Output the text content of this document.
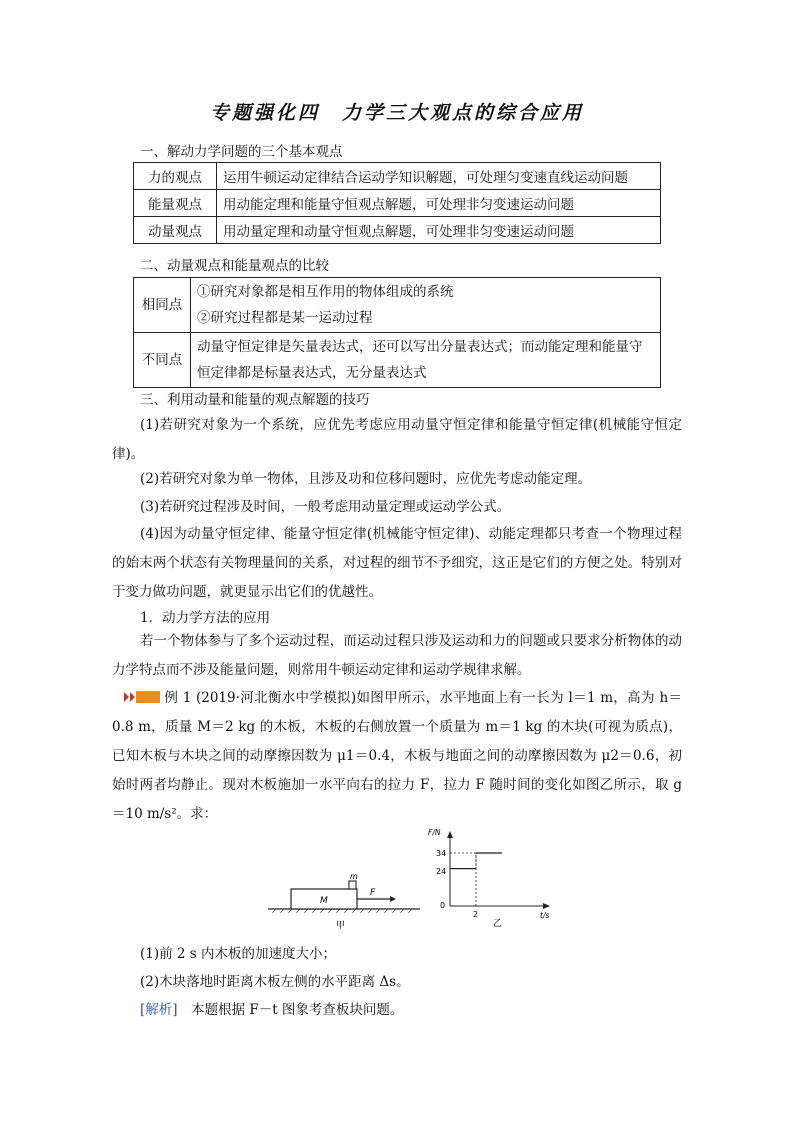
专题强化四　力学三大观点的综合应用
一、解动力学问题的三个基本观点
力的观点	运用牛顿运动定律结合运动学知识解题，可处理匀变速直线运动问题
能量观点	用动能定理和能量守恒观点解题，可处理非匀变速运动问题
动量观点	用动量定理和动量守恒观点解题，可处理非匀变速运动问题
二、动量观点和能量观点的比较
相同点	①研究对象都是相互作用的物体组成的系统
②研究过程都是某一运动过程

不同点	动量守恒定律是矢量表达式，还可以写出分量表达式；而动能定理和能量守恒定律都是标量表达式，无分量表达式
三、利用动量和能量的观点解题的技巧

(1)若研究对象为一个系统，应优先考虑应用动量守恒定律和能量守恒定律(机械能守恒定律)。

(2)若研究对象为单一物体，且涉及功和位移问题时，应优先考虑动能定理。

(3)若研究过程涉及时间，一般考虑用动量定理或运动学公式。

(4)因为动量守恒定律、能量守恒定律(机械能守恒定律)、动能定理都只考查一个物理过程的始末两个状态有关物理量间的关系，对过程的细节不予细究，这正是它们的方便之处。特别对于变力做功问题，就更显示出它们的优越性。

1．动力学方法的应用

若一个物体参与了多个运动过程，而运动过程只涉及运动和力的问题或只要求分析物体的动力学特点而不涉及能量问题，则常用牛顿运动定律和运动学规律求解。

例 1 (2019·河北衡水中学模拟)如图甲所示，水平地面上有一长为 l＝1 m，高为 h＝0.8 m，质量 M＝2 kg 的木板，木板的右侧放置一个质量为 m＝1 kg 的木块(可视为质点)，已知木板与木块之间的动摩擦因数为 μ1＝0.4，木板与地面之间的动摩擦因数为 μ2＝0.6，初始时两者均静止。现对木板施加一水平向右的拉力 F，拉力 F 随时间的变化如图乙所示，取 g＝10 m/s²。求：

m
M
F
甲
F/N
t/s
34
24
0
2
乙

(1)前 2 s 内木板的加速度大小；

(2)木块落地时距离木板左侧的水平距离 Δs。

[解析]　本题根据 F－t 图象考查板块问题。
